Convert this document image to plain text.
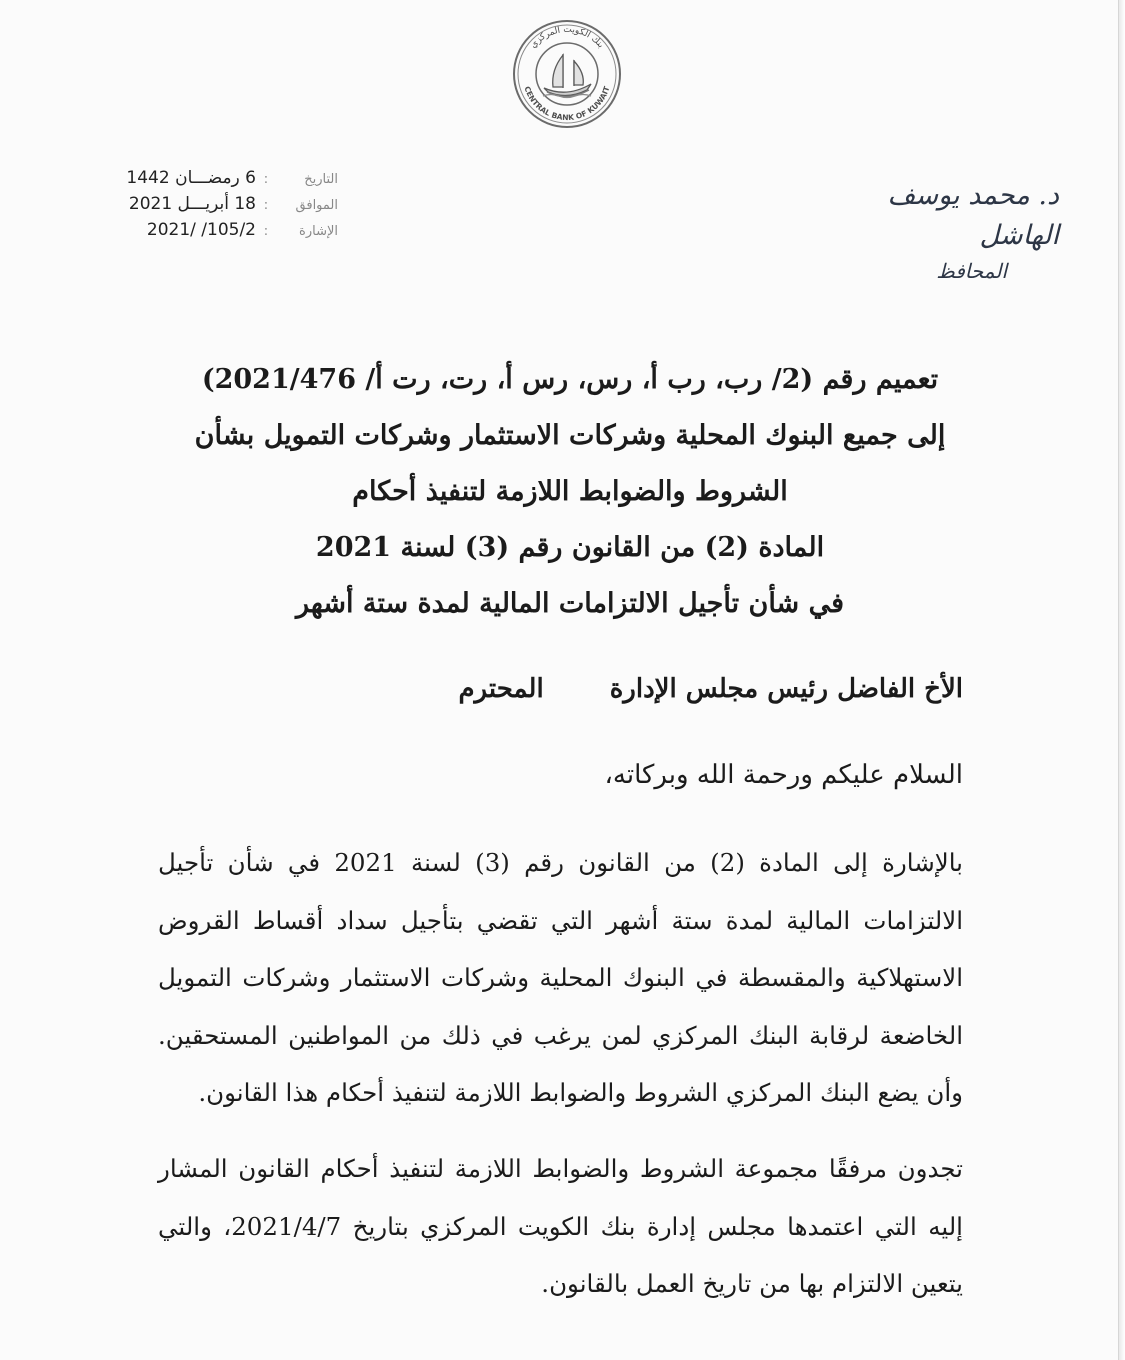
بنك الكويت المركزي
CENTRAL BANK OF KUWAIT
التاريخ
:
6 رمضـــان 1442
الموافق
:
18 أبريـــل 2021
الإشارة
:
2021/ /105/2
د. محمد يوسف الهاشل
المحافظ
تعميم رقم (2/ رب، رب أ، رس، رس أ، رت، رت أ/ 2021/476)
إلى جميع البنوك المحلية وشركات الاستثمار وشركات التمويل بشأن
الشروط والضوابط اللازمة لتنفيذ أحكام
المادة (2) من القانون رقم (3) لسنة 2021
في شأن تأجيل الالتزامات المالية لمدة ستة أشهر
الأخ الفاضل رئيس مجلس الإدارة
المحترم
السلام عليكم ورحمة الله وبركاته،
بالإشارة إلى المادة (2) من القانون رقم (3) لسنة 2021 في شأن تأجيل الالتزامات المالية لمدة ستة أشهر التي تقضي بتأجيل سداد أقساط القروض الاستهلاكية والمقسطة في البنوك المحلية وشركات الاستثمار وشركات التمويل الخاضعة لرقابة البنك المركزي لمن يرغب في ذلك من المواطنين المستحقين. وأن يضع البنك المركزي الشروط والضوابط اللازمة لتنفيذ أحكام هذا القانون.
تجدون مرفقًا مجموعة الشروط والضوابط اللازمة لتنفيذ أحكام القانون المشار إليه التي اعتمدها مجلس إدارة بنك الكويت المركزي بتاريخ 2021/4/7، والتي يتعين الالتزام بها من تاريخ العمل بالقانون.
